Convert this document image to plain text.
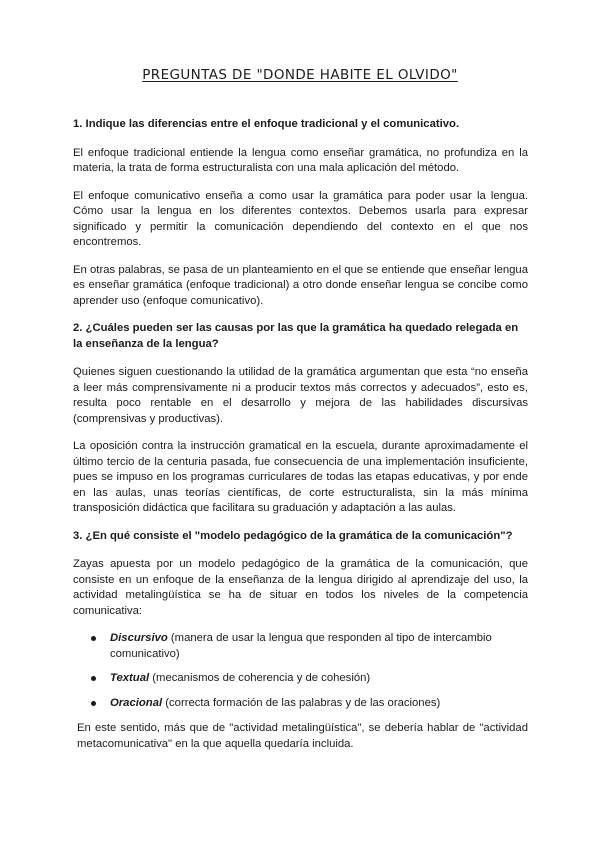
PREGUNTAS DE "DONDE HABITE EL OLVIDO"
1. Indique las diferencias entre el enfoque tradicional y el comunicativo.

El enfoque tradicional entiende la lengua como enseñar gramática, no profundiza en la materia, la trata de forma estructuralista con una mala aplicación del método.

El enfoque comunicativo enseña a como usar la gramática para poder usar la lengua. Cómo usar la lengua en los diferentes contextos. Debemos usarla para expresar significado y permitir la comunicación dependiendo del contexto en el que nos encontremos.

En otras palabras, se pasa de un planteamiento en el que se entiende que enseñar lengua es enseñar gramática (enfoque tradicional) a otro donde enseñar lengua se concibe como aprender uso (enfoque comunicativo).

2. ¿Cuáles pueden ser las causas por las que la gramática ha quedado relegada en la enseñanza de la lengua?

Quienes siguen cuestionando la utilidad de la gramática argumentan que esta “no enseña a leer más comprensivamente ni a producir textos más correctos y adecuados”, esto es, resulta poco rentable en el desarrollo y mejora de las habilidades discursivas (comprensivas y productivas).

La oposición contra la instrucción gramatical en la escuela, durante aproximadamente el último tercio de la centuria pasada, fue consecuencia de una implementación insuficiente, pues se impuso en los programas curriculares de todas las etapas educativas, y por ende en las aulas, unas teorías científicas, de corte estructuralista, sin la más mínima transposición didáctica que facilitara su graduación y adaptación a las aulas.

3. ¿En qué consiste el "modelo pedagógico de la gramática de la comunicación"?

Zayas apuesta por un modelo pedagógico de la gramática de la comunicación, que consiste en un enfoque de la enseñanza de la lengua dirigido al aprendizaje del uso, la actividad metalingüística se ha de situar en todos los niveles de la competencia comunicativa:

Discursivo (manera de usar la lengua que responden al tipo de intercambio comunicativo)
Textual (mecanismos de coherencia y de cohesión)
Oracional (correcta formación de las palabras y de las oraciones)

En este sentido, más que de "actividad metalingüística", se debería hablar de "actividad metacomunicativa" en la que aquella quedaría incluida.
